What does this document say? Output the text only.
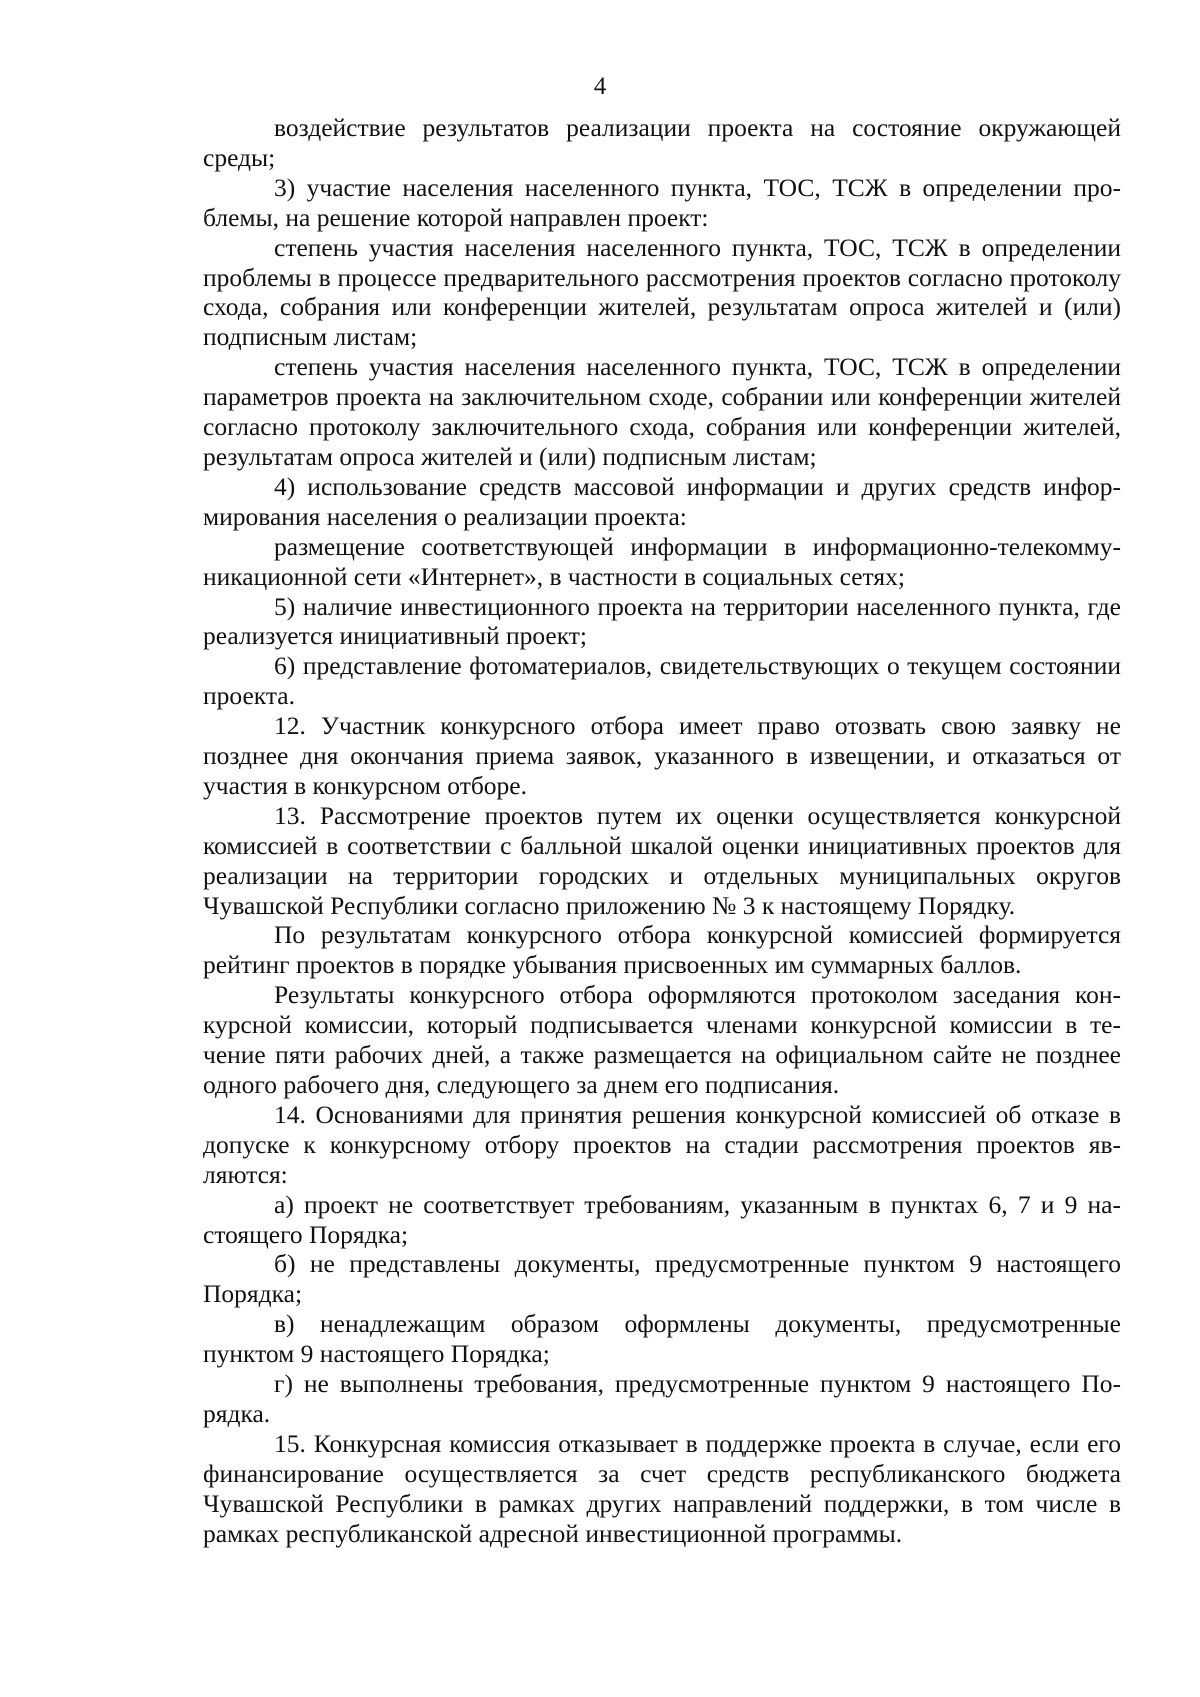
4

воздействие результатов реализации проекта на состояние окружающей среды;

3) участие населения населенного пункта, ТОС, ТСЖ в определении проблемы, на решение которой направлен проект:

степень участия населения населенного пункта, ТОС, ТСЖ в определении проблемы в процессе предварительного рассмотрения проектов согласно протоколу схода, собрания или конференции жителей, результатам опроса жителей и (или) подписным листам;

степень участия населения населенного пункта, ТОС, ТСЖ в определении параметров проекта на заключительном сходе, собрании или конференции жителей согласно протоколу заключительного схода, собрания или конференции жителей, результатам опроса жителей и (или) подписным листам;

4) использование средств массовой информации и других средств информирования населения о реализации проекта:

размещение соответствующей информации в информационно-телекоммуникационной сети «Интернет», в частности в социальных сетях;

5) наличие инвестиционного проекта на территории населенного пункта, где реализуется инициативный проект;

6) представление фотоматериалов, свидетельствующих о текущем состоянии проекта.

12. Участник конкурсного отбора имеет право отозвать свою заявку не позднее дня окончания приема заявок, указанного в извещении, и отказаться от участия в конкурсном отборе.

13. Рассмотрение проектов путем их оценки осуществляется конкурсной комиссией в соответствии с балльной шкалой оценки инициативных проектов для реализации на территории городских и отдельных муниципальных округов Чувашской Республики согласно приложению № 3 к настоящему Порядку.

По результатам конкурсного отбора конкурсной комиссией формируется рейтинг проектов в порядке убывания присвоенных им суммарных баллов.

Результаты конкурсного отбора оформляются протоколом заседания конкурсной комиссии, который подписывается членами конкурсной комиссии в течение пяти рабочих дней, а также размещается на официальном сайте не позднее одного рабочего дня, следующего за днем его подписания.

14. Основаниями для принятия решения конкурсной комиссией об отказе в допуске к конкурсному отбору проектов на стадии рассмотрения проектов являются:

а) проект не соответствует требованиям, указанным в пунктах 6, 7 и 9 настоящего Порядка;

б) не представлены документы, предусмотренные пунктом 9 настоящего Порядка;

в) ненадлежащим образом оформлены документы, предусмотренные пунктом 9 настоящего Порядка;

г) не выполнены требования, предусмотренные пунктом 9 настоящего Порядка.

15. Конкурсная комиссия отказывает в поддержке проекта в случае, если его финансирование осуществляется за счет средств республиканского бюджета Чувашской Республики в рамках других направлений поддержки, в том числе в рамках республиканской адресной инвестиционной программы.
